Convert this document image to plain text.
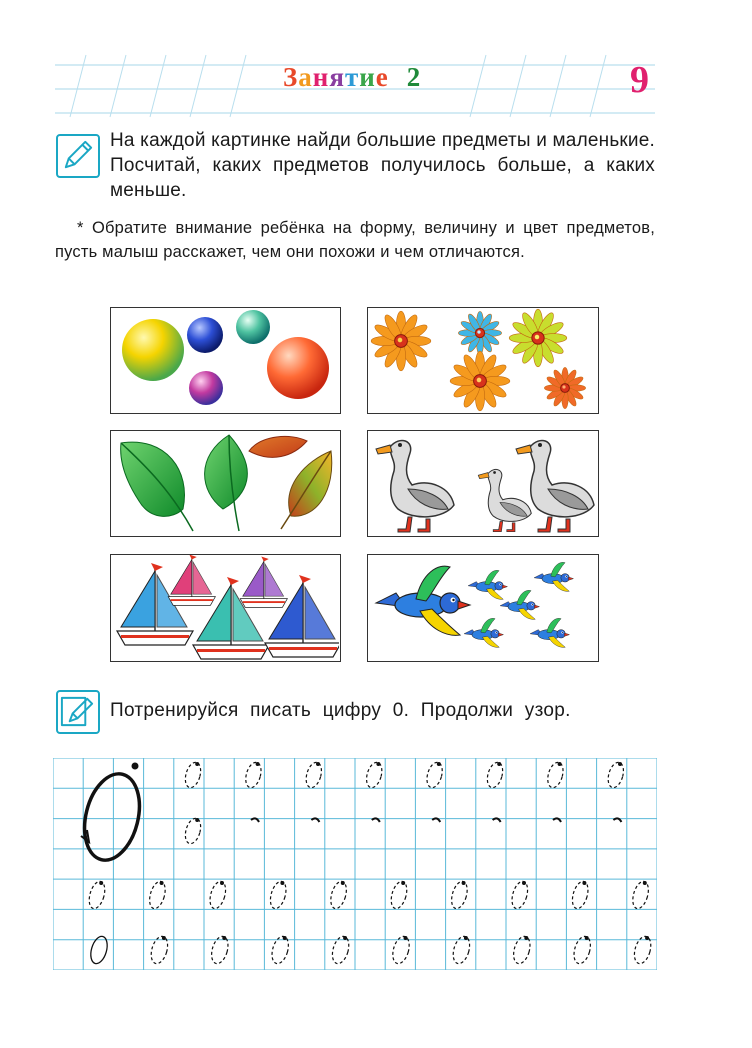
Занятие 2	9
На каждой картинке найди большие предметы и маленькие. Посчитай, каких предметов получилось больше, а каких меньше.
* Обратите внимание ребёнка на форму, величину и цвет предметов, пусть малыш расскажет, чем они похожи и чем отличаются.
Потренируйся писать цифру 0. Продолжи узор.
